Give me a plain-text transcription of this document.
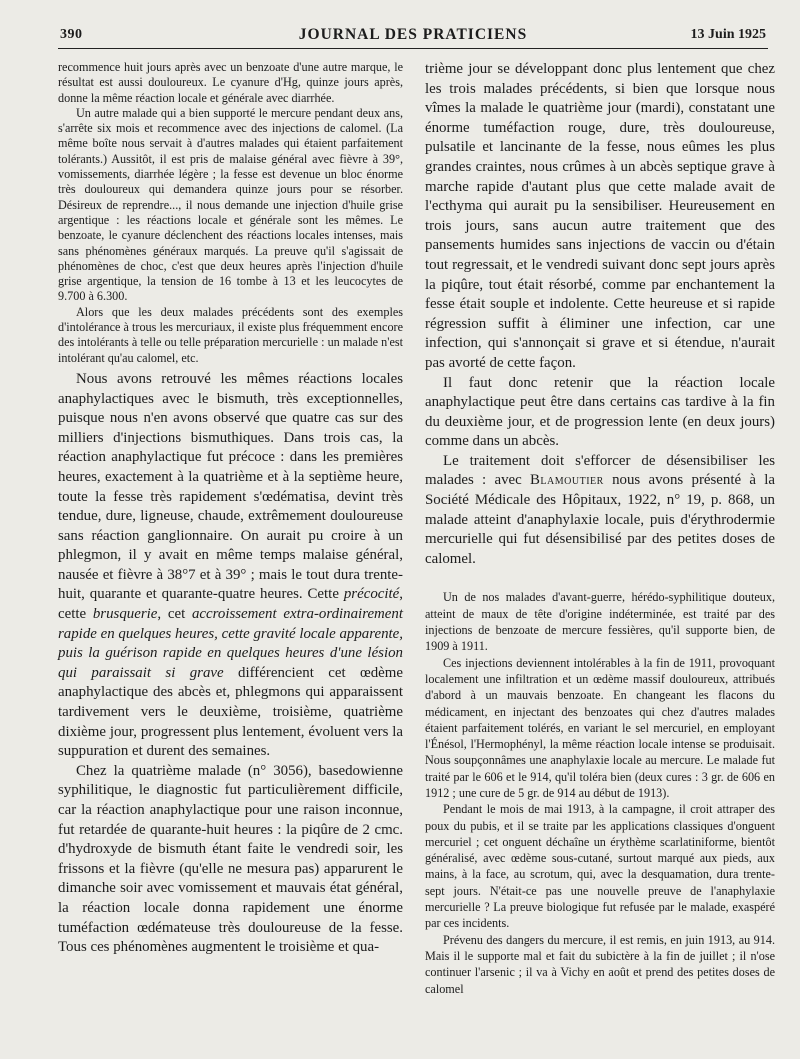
390	JOURNAL DES PRATICIENS	13 Juin 1925

recommence huit jours après avec un benzoate d'une autre marque, le résultat est aussi douloureux. Le cyanure d'Hg, quinze jours après, donne la même réaction locale et générale avec diarrhée.

Un autre malade qui a bien supporté le mercure pendant deux ans, s'arrête six mois et recommence avec des injections de calomel. (La même boîte nous servait à d'autres malades qui étaient parfaitement tolérants.) Aussitôt, il est pris de malaise général avec fièvre à 39°, vomissements, diarrhée légère ; la fesse est devenue un bloc énorme très douloureux qui demandera quinze jours pour se résorber. Désireux de reprendre..., il nous demande une injection d'huile grise argentique : les réactions locale et générale sont les mêmes. Le benzoate, le cyanure déclenchent des réactions locales intenses, mais sans phénomènes généraux marqués. La preuve qu'il s'agissait de phénomènes de choc, c'est que deux heures après l'injection d'huile grise argentique, la tension de 16 tombe à 13 et les leucocytes de 9.700 à 6.300.

Alors que les deux malades précédents sont des exemples d'intolérance à trous les mercuriaux, il existe plus fréquemment encore des intolérants à telle ou telle préparation mercurielle : un malade n'est intolérant qu'au calomel, etc.

Nous avons retrouvé les mêmes réactions locales anaphylactiques avec le bismuth, très exceptionnelles, puisque nous n'en avons observé que quatre cas sur des milliers d'injections bismuthiques. Dans trois cas, la réaction anaphylactique fut précoce : dans les premières heures, exactement à la quatrième et à la septième heure, toute la fesse très rapidement s'œdématisa, devint très tendue, dure, ligneuse, chaude, extrêmement douloureuse sans réaction ganglionnaire. On aurait pu croire à un phlegmon, il y avait en même temps malaise général, nausée et fièvre à 38°7 et à 39° ; mais le tout dura trente-huit, quarante et quarante-quatre heures. Cette précocité, cette brusquerie, cet accroissement extra-ordinairement rapide en quelques heures, cette gravité locale apparente, puis la guérison rapide en quelques heures d'une lésion qui paraissait si grave différencient cet œdème anaphylactique des abcès et, phlegmons qui apparaissent tardivement vers le deuxième, troisième, quatrième dixième jour, progressent plus lentement, évoluent vers la suppuration et durent des semaines.

Chez la quatrième malade (n° 3056), basedowienne syphilitique, le diagnostic fut particulièrement difficile, car la réaction anaphylactique pour une raison inconnue, fut retardée de quarante-huit heures : la piqûre de 2 cmc. d'hydroxyde de bismuth étant faite le vendredi soir, les frissons et la fièvre (qu'elle ne mesura pas) apparurent le dimanche soir avec vomissement et mauvais état général, la réaction locale donna rapidement une énorme tuméfaction œdémateuse très douloureuse de la fesse. Tous ces phénomènes augmentent le troisième et qua-

trième jour se développant donc plus lentement que chez les trois malades précédents, si bien que lorsque nous vîmes la malade le quatrième jour (mardi), constatant une énorme tuméfaction rouge, dure, très douloureuse, pulsatile et lancinante de la fesse, nous eûmes les plus grandes craintes, nous crûmes à un abcès septique grave à marche rapide d'autant plus que cette malade avait de l'ecthyma qui aurait pu la sensibiliser. Heureusement en trois jours, sans aucun autre traitement que des pansements humides sans injections de vaccin ou d'étain tout regressait, et le vendredi suivant donc sept jours après la piqûre, tout était résorbé, comme par enchantement la fesse était souple et indolente. Cette heureuse et si rapide régression suffit à éliminer une infection, car une infection, qui s'annonçait si grave et si étendue, n'aurait pas avorté de cette façon.

Il faut donc retenir que la réaction locale anaphylactique peut être dans certains cas tardive à la fin du deuxième jour, et de progression lente (en deux jours) comme dans un abcès.

Le traitement doit s'efforcer de désensibiliser les malades : avec Blamoutier nous avons présenté à la Société Médicale des Hôpitaux, 1922, n° 19, p. 868, un malade atteint d'anaphylaxie locale, puis d'érythrodermie mercurielle qui fut désensibilisé par des petites doses de calomel.

Un de nos malades d'avant-guerre, hérédo-syphilitique douteux, atteint de maux de tête d'origine indéterminée, est traité par des injections de benzoate de mercure fessières, qu'il supporte bien, de 1909 à 1911.

Ces injections deviennent intolérables à la fin de 1911, provoquant localement une infiltration et un œdème massif douloureux, attribués d'abord à un mauvais benzoate. En changeant les flacons du médicament, en injectant des benzoates qui chez d'autres malades étaient parfaitement tolérés, en variant le sel mercuriel, en employant l'Énésol, l'Hermophényl, la même réaction locale intense se produisait. Nous soupçonnâmes une anaphylaxie locale au mercure. Le malade fut traité par le 606 et le 914, qu'il toléra bien (deux cures : 3 gr. de 606 en 1912 ; une cure de 5 gr. de 914 au début de 1913).

Pendant le mois de mai 1913, à la campagne, il croit attraper des poux du pubis, et il se traite par les applications classiques d'onguent mercuriel ; cet onguent déchaîne un érythème scarlatiniforme, bientôt généralisé, avec œdème sous-cutané, surtout marqué aux pieds, aux mains, à la face, au scrotum, qui, avec la desquamation, dura trente-sept jours. N'était-ce pas une nouvelle preuve de l'anaphylaxie mercurielle ? La preuve biologique fut refusée par le malade, exaspéré par ces incidents.

Prévenu des dangers du mercure, il est remis, en juin 1913, au 914. Mais il le supporte mal et fait du subictère à la fin de juillet ; il n'ose continuer l'arsenic ; il va à Vichy en août et prend des petites doses de calomel
